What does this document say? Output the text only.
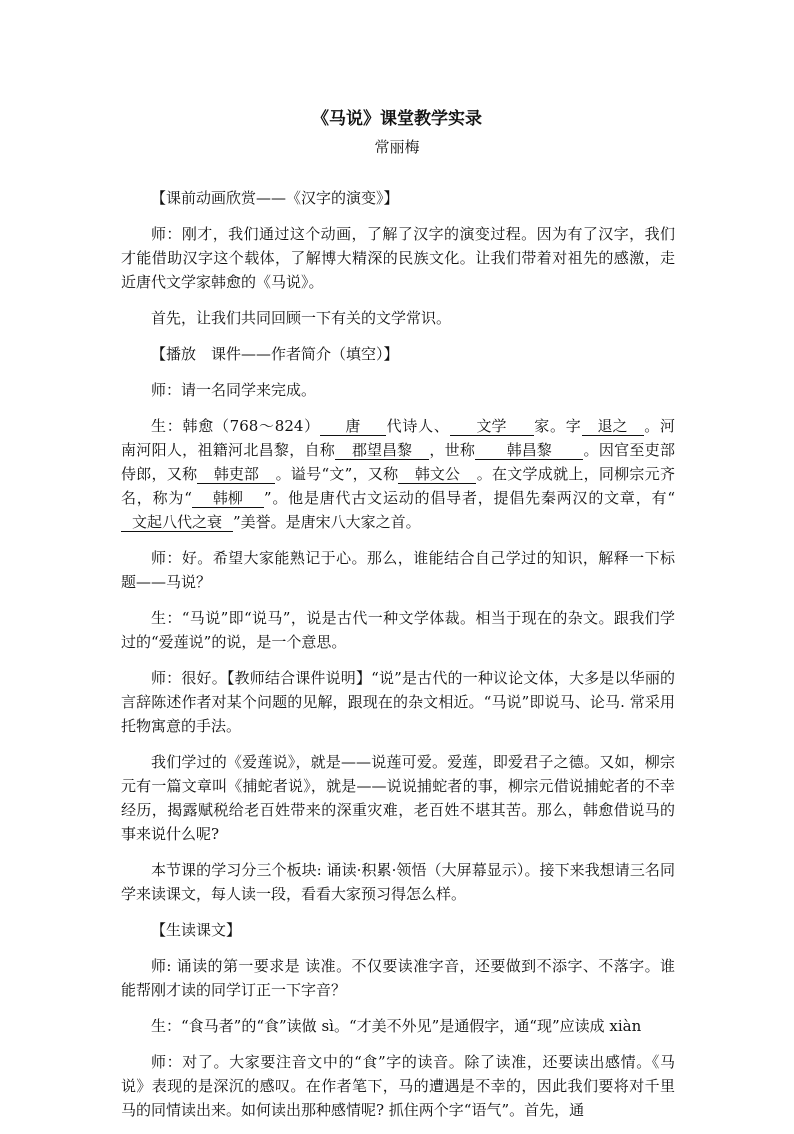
《马说》课堂教学实录
常丽梅

【课前动画欣赏——《汉字的演变》】

师：刚才，我们通过这个动画，了解了汉字的演变过程。因为有了汉字，我们才能借助汉字这个载体，了解博大精深的民族文化。让我们带着对祖先的感激，走近唐代文学家韩愈的《马说》。

首先，让我们共同回顾一下有关的文学常识。

【播放　课件——作者简介（填空）】

师：请一名同学来完成。

生：韩愈（768～824） 唐 代诗人、 文学 家。字 退之 。河南河阳人，祖籍河北昌黎，自称 郡望昌黎 ，世称 韩昌黎 。因官至吏部侍郎，又称 韩吏部 。谥号“文”，又称 韩文公 。在文学成就上，同柳宗元齐名，称为“ 韩柳 ”。他是唐代古文运动的倡导者，提倡先秦两汉的文章，有“文起八代之衰 ”美誉。是唐宋八大家之首。

师：好。希望大家能熟记于心。那么，谁能结合自己学过的知识，解释一下标题——马说？

生：“马说”即“说马”，说是古代一种文学体裁。相当于现在的杂文。跟我们学过的“爱莲说”的说，是一个意思。

师：很好。【教师结合课件说明】“说”是古代的一种议论文体，大多是以华丽的言辞陈述作者对某个问题的见解，跟现在的杂文相近。“马说”即说马、论马. 常采用托物寓意的手法。

我们学过的《爱莲说》，就是——说莲可爱。爱莲，即爱君子之德。又如，柳宗元有一篇文章叫《捕蛇者说》，就是——说说捕蛇者的事，柳宗元借说捕蛇者的不幸经历，揭露赋税给老百姓带来的深重灾难，老百姓不堪其苦。那么，韩愈借说马的事来说什么呢?

本节课的学习分三个板块: 诵读·积累·领悟（大屏幕显示）。接下来我想请三名同学来读课文，每人读一段，看看大家预习得怎么样。

【生读课文】

师: 诵读的第一要求是 读准。不仅要读准字音，还要做到不添字、不落字。谁能帮刚才读的同学订正一下字音？

生：“食马者”的“食”读做 sì。“才美不外见”是通假字，通“现”应读成 xiàn

师：对了。大家要注音文中的“食”字的读音。除了读准，还要读出感情。《马说》表现的是深沉的感叹。在作者笔下，马的遭遇是不幸的，因此我们要将对千里马的同情读出来。如何读出那种感情呢? 抓住两个字“语气”。首先，通
